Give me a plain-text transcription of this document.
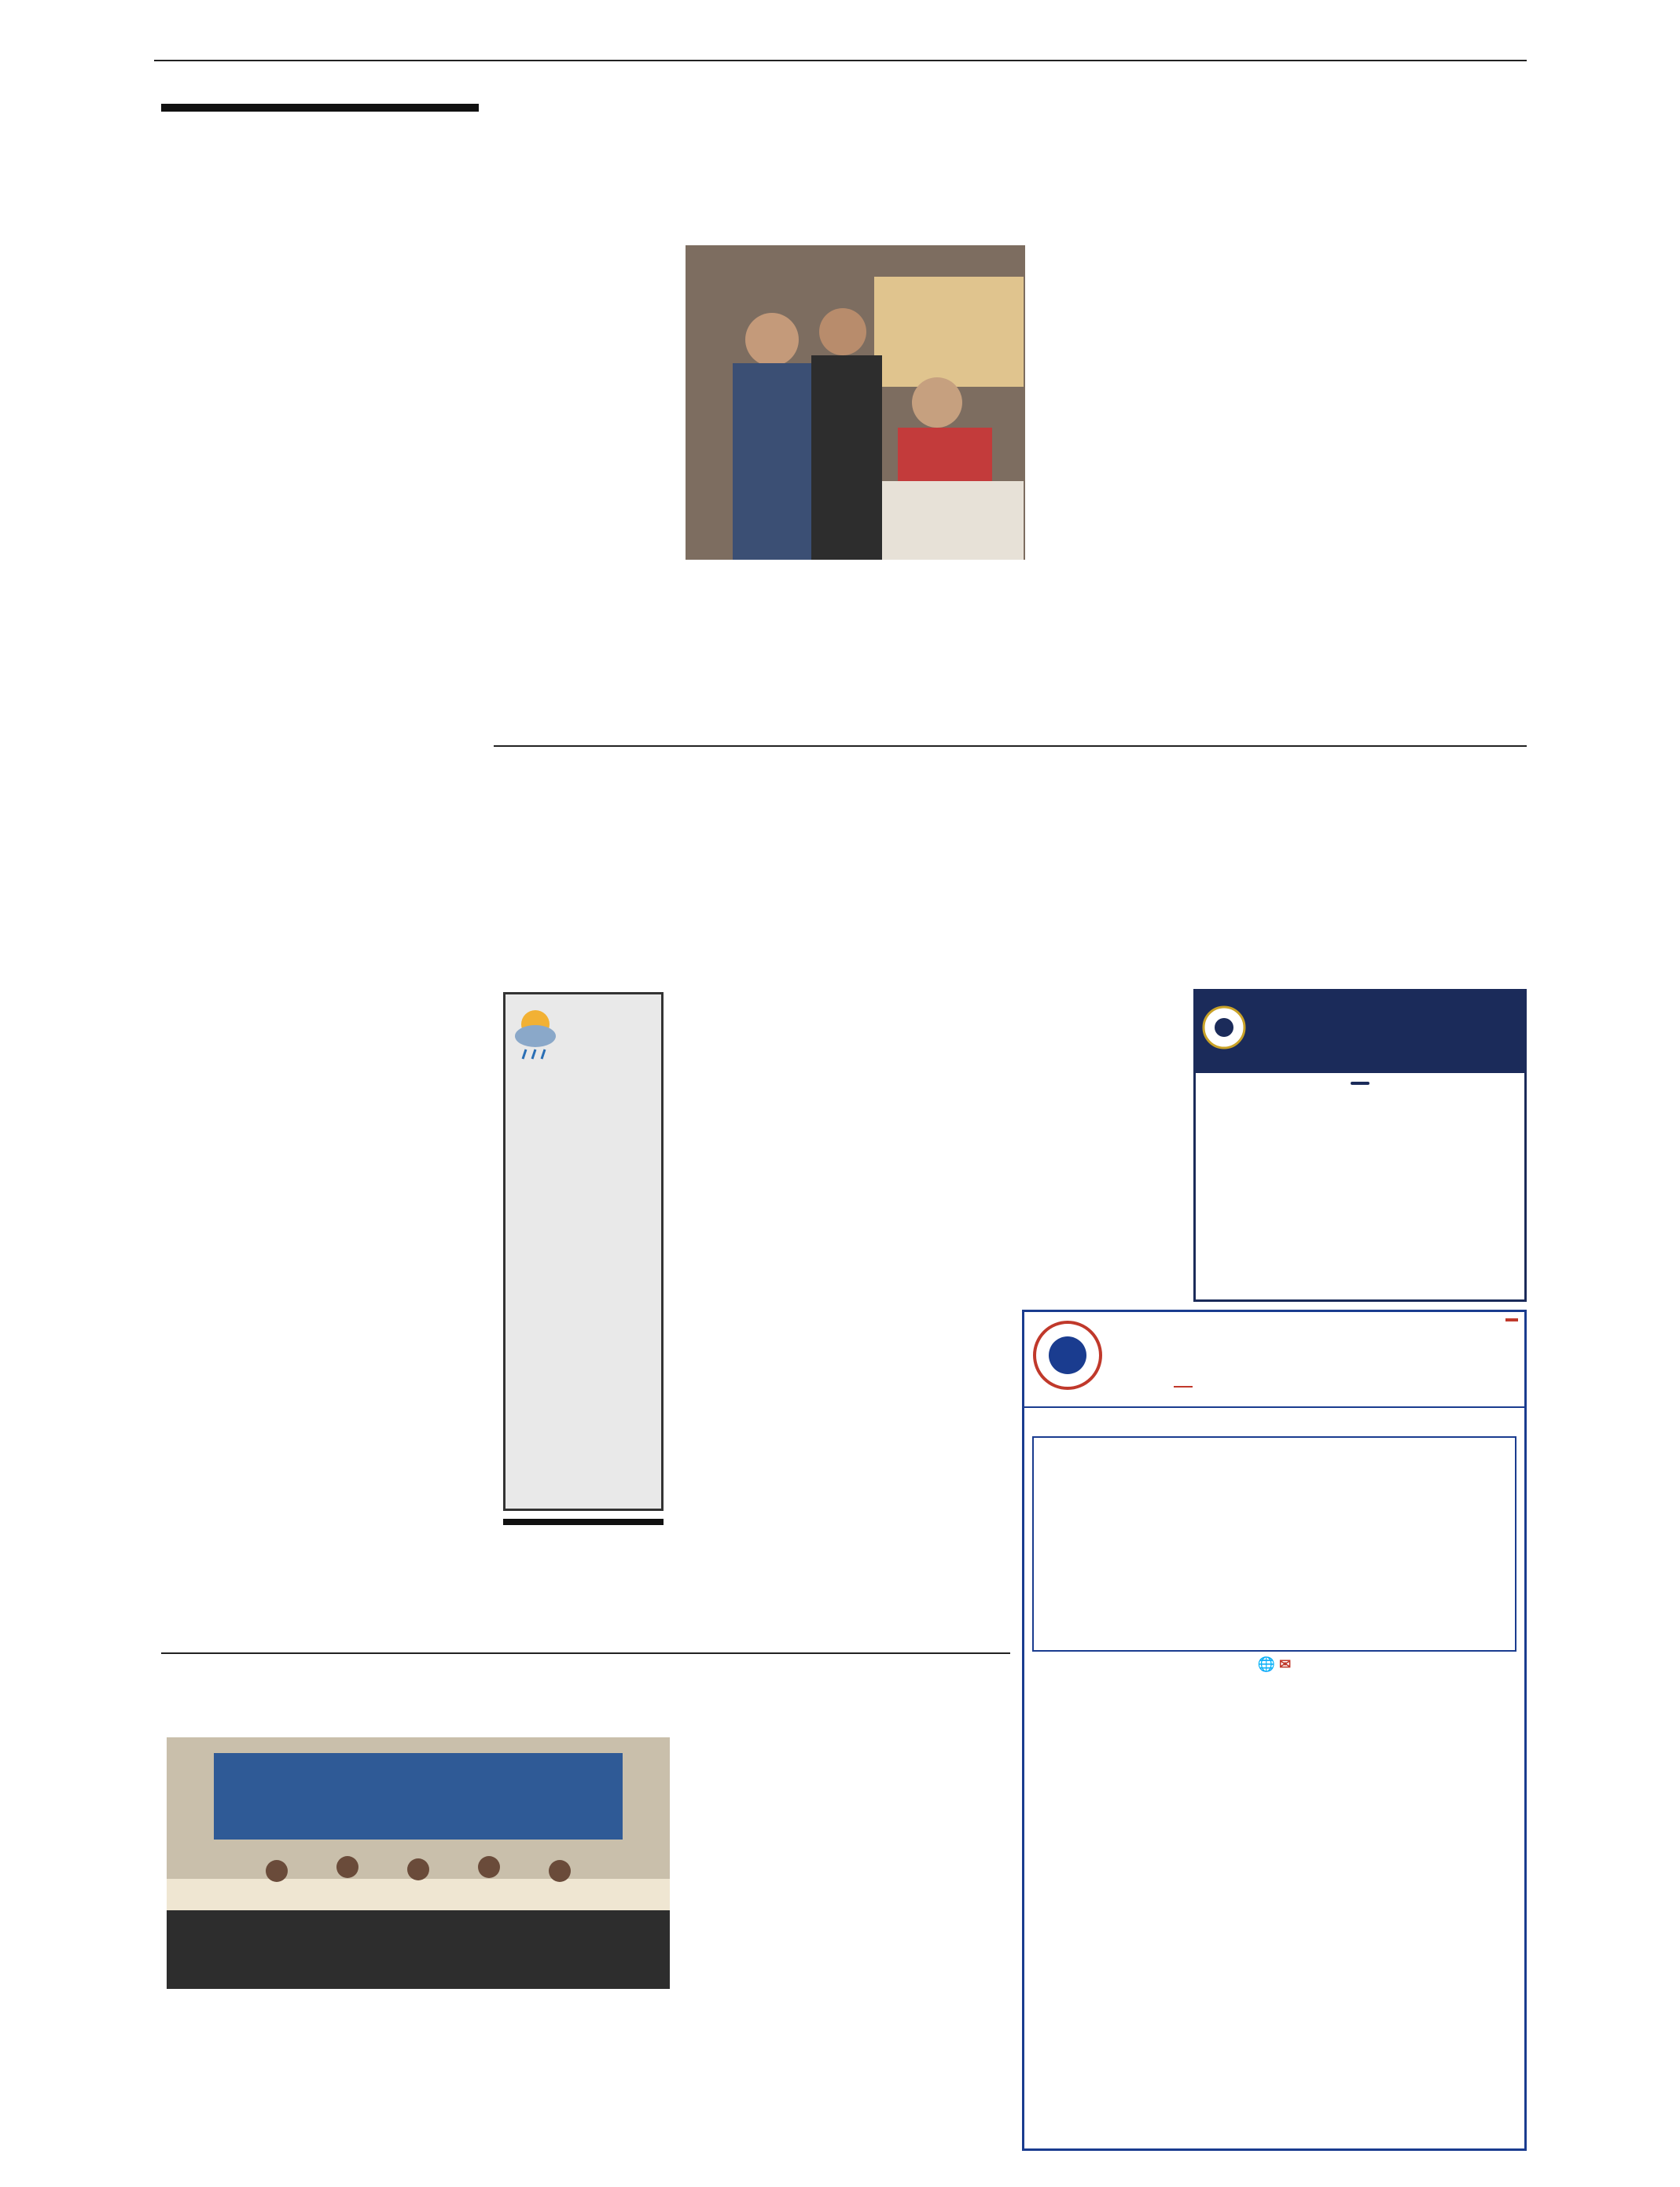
🌐 ✉
